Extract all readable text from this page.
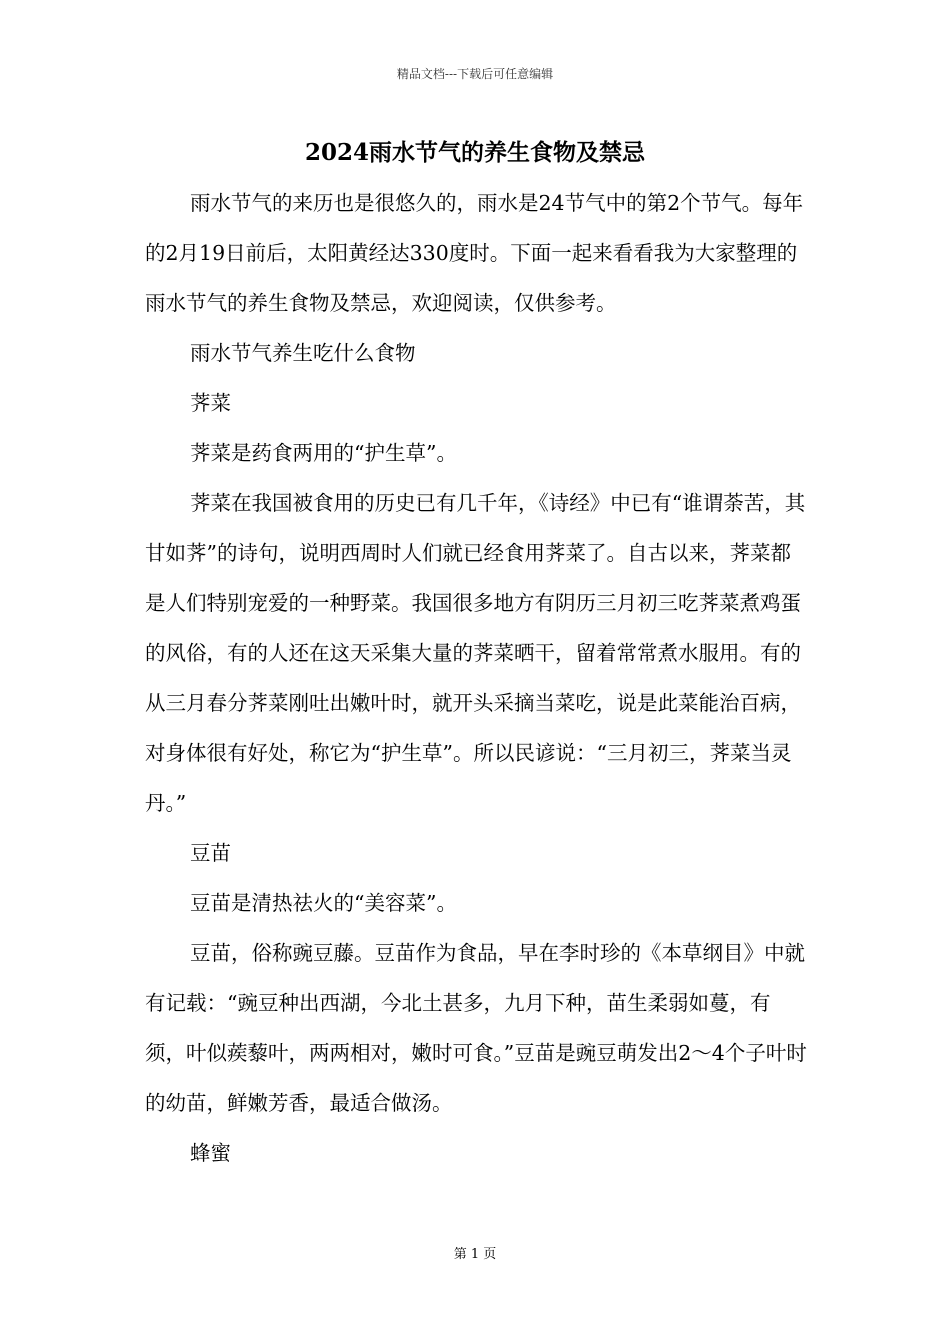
精品文档---下载后可任意编辑
2024雨水节气的养生食物及禁忌

雨水节气的来历也是很悠久的，雨水是24节气中的第2个节气。每年的2月19日前后，太阳黄经达330度时。下面一起来看看我为大家整理的雨水节气的养生食物及禁忌，欢迎阅读，仅供参考。

雨水节气养生吃什么食物

荠菜

荠菜是药食两用的“护生草”。

荠菜在我国被食用的历史已有几千年，《诗经》中已有“谁谓荼苦，其甘如荠”的诗句，说明西周时人们就已经食用荠菜了。自古以来，荠菜都是人们特别宠爱的一种野菜。我国很多地方有阴历三月初三吃荠菜煮鸡蛋的风俗，有的人还在这天采集大量的荠菜晒干，留着常常煮水服用。有的从三月春分荠菜刚吐出嫩叶时，就开头采摘当菜吃，说是此菜能治百病，对身体很有好处，称它为“护生草”。所以民谚说：“三月初三，荠菜当灵丹。”

豆苗

豆苗是清热祛火的“美容菜”。

豆苗，俗称豌豆藤。豆苗作为食品，早在李时珍的《本草纲目》中就有记载：“豌豆种出西湖，今北土甚多，九月下种，苗生柔弱如蔓，有须，叶似蒺藜叶，两两相对，嫩时可食。”豆苗是豌豆萌发出2～4个子叶时的幼苗，鲜嫩芳香，最适合做汤。

蜂蜜

第 1 页
